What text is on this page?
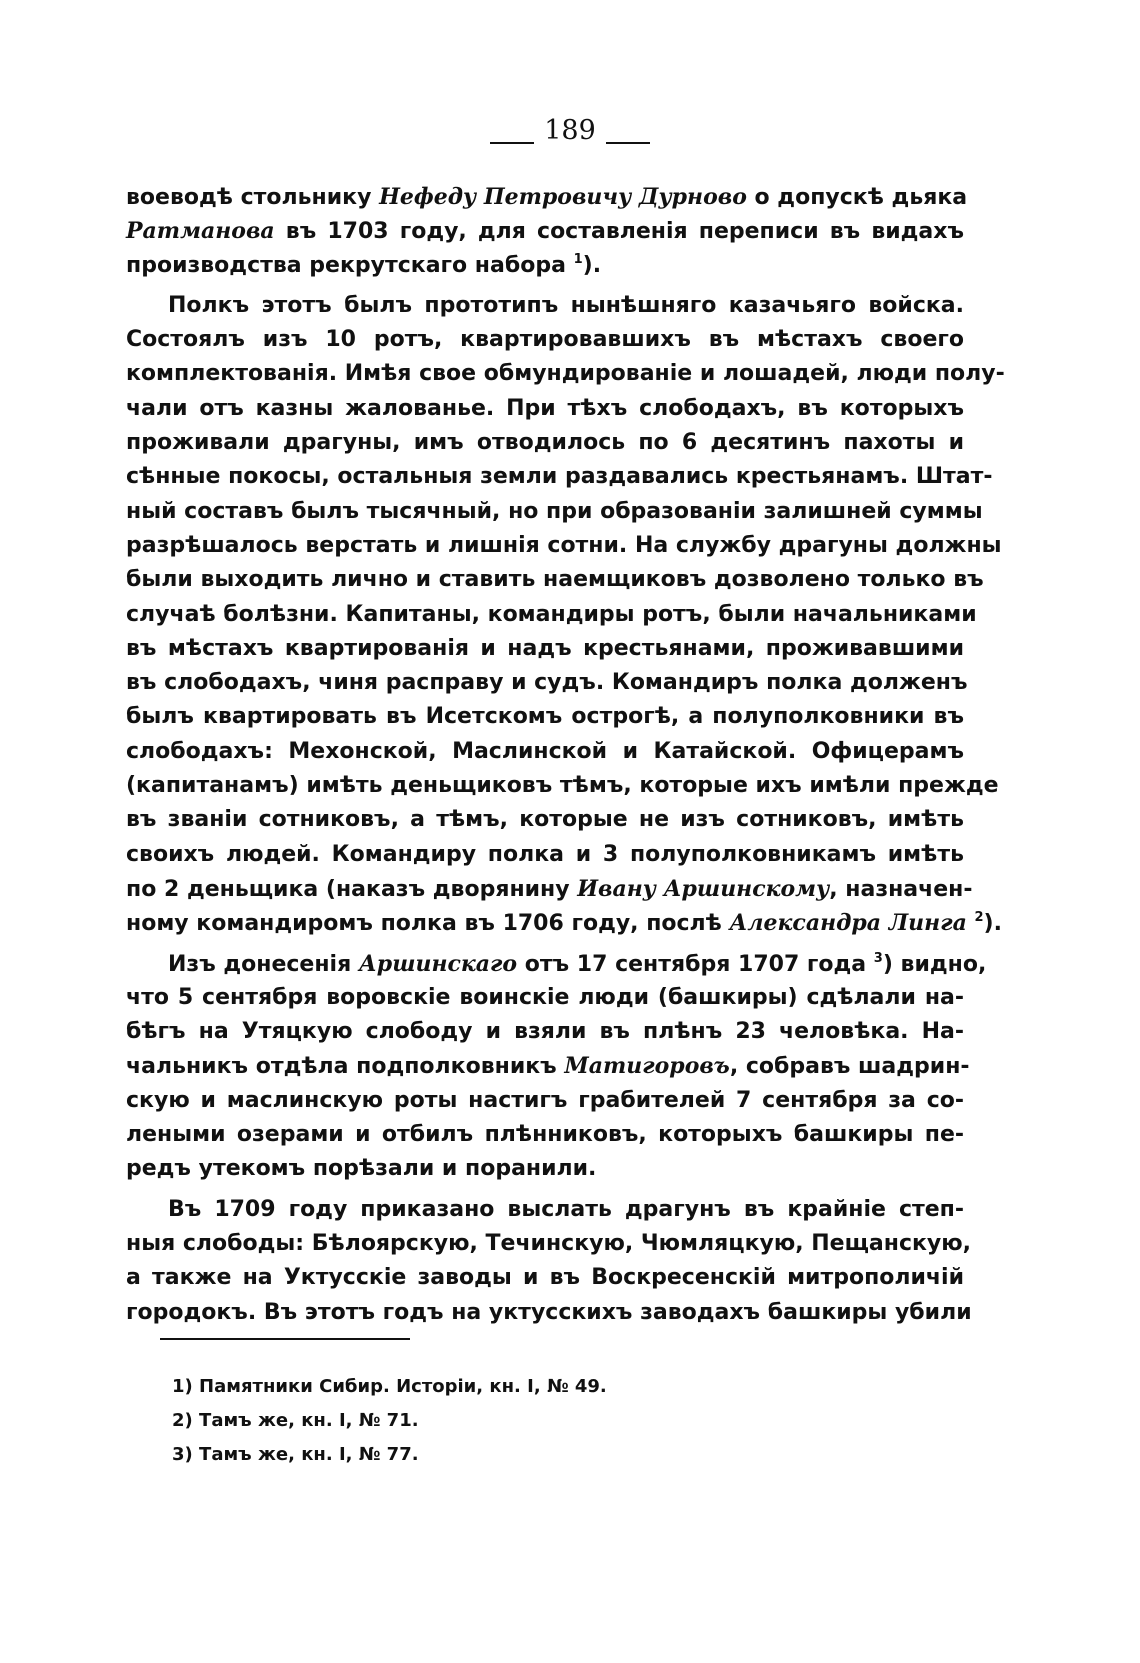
189
воеводѣ стольнику Нефеду Петровичу Дурново о допускѣ дьяка
Ратманова въ 1703 году, для составленія переписи въ видахъ
производства рекрутскаго набора $^1$).
Полкъ этотъ былъ прототипъ нынѣшняго казачьяго войска.
Состоялъ изъ 10 ротъ, квартировавшихъ въ мѣстахъ своего
комплектованія. Имѣя свое обмундированіе и лошадей, люди полу-
чали отъ казны жалованье. При тѣхъ слободахъ, въ которыхъ
проживали драгуны, имъ отводилось по 6 десятинъ пахоты и
сѣнные покосы, остальныя земли раздавались крестьянамъ. Штат-
ный составъ былъ тысячный, но при образованіи залишней суммы
разрѣшалось верстать и лишнія сотни. На службу драгуны должны
были выходить лично и ставить наемщиковъ дозволено только въ
случаѣ болѣзни. Капитаны, командиры ротъ, были начальниками
въ мѣстахъ квартированія и надъ крестьянами, проживавшими
въ слободахъ, чиня расправу и судъ. Командиръ полка долженъ
былъ квартировать въ Исетскомъ острогѣ, а полуполковники въ
слободахъ: Мехонской, Маслинской и Катайской. Офицерамъ
(капитанамъ) имѣть деньщиковъ тѣмъ, которые ихъ имѣли прежде
въ званіи сотниковъ, а тѣмъ, которые не изъ сотниковъ, имѣть
своихъ людей. Командиру полка и 3 полуполковникамъ имѣть
по 2 деньщика (наказъ дворянину Ивану Аршинскому, назначен-
ному командиромъ полка въ 1706 году, послѣ Александра Линга $^2$).
Изъ донесенія Аршинскаго отъ 17 сентября 1707 года $^3$) видно,
что 5 сентября воровскіе воинскіе люди (башкиры) сдѣлали на-
бѣгъ на Утяцкую слободу и взяли въ плѣнъ 23 человѣка. На-
чальникъ отдѣла подполковникъ Матигоровъ, собравъ шадрин-
скую и маслинскую роты настигъ грабителей 7 сентября за со-
леными озерами и отбилъ плѣнниковъ, которыхъ башкиры пе-
редъ утекомъ порѣзали и поранили.
Въ 1709 году приказано выслать драгунъ въ крайніе степ-
ныя слободы: Бѣлоярскую, Течинскую, Чюмляцкую, Пещанскую,
а также на Уктусскіе заводы и въ Воскресенскій митрополичій
городокъ. Въ этотъ годъ на уктусскихъ заводахъ башкиры убили
1) Памятники Сибир. Исторіи, кн. I, № 49.
2) Тамъ же, кн. I, № 71.
3) Тамъ же, кн. I, № 77.
